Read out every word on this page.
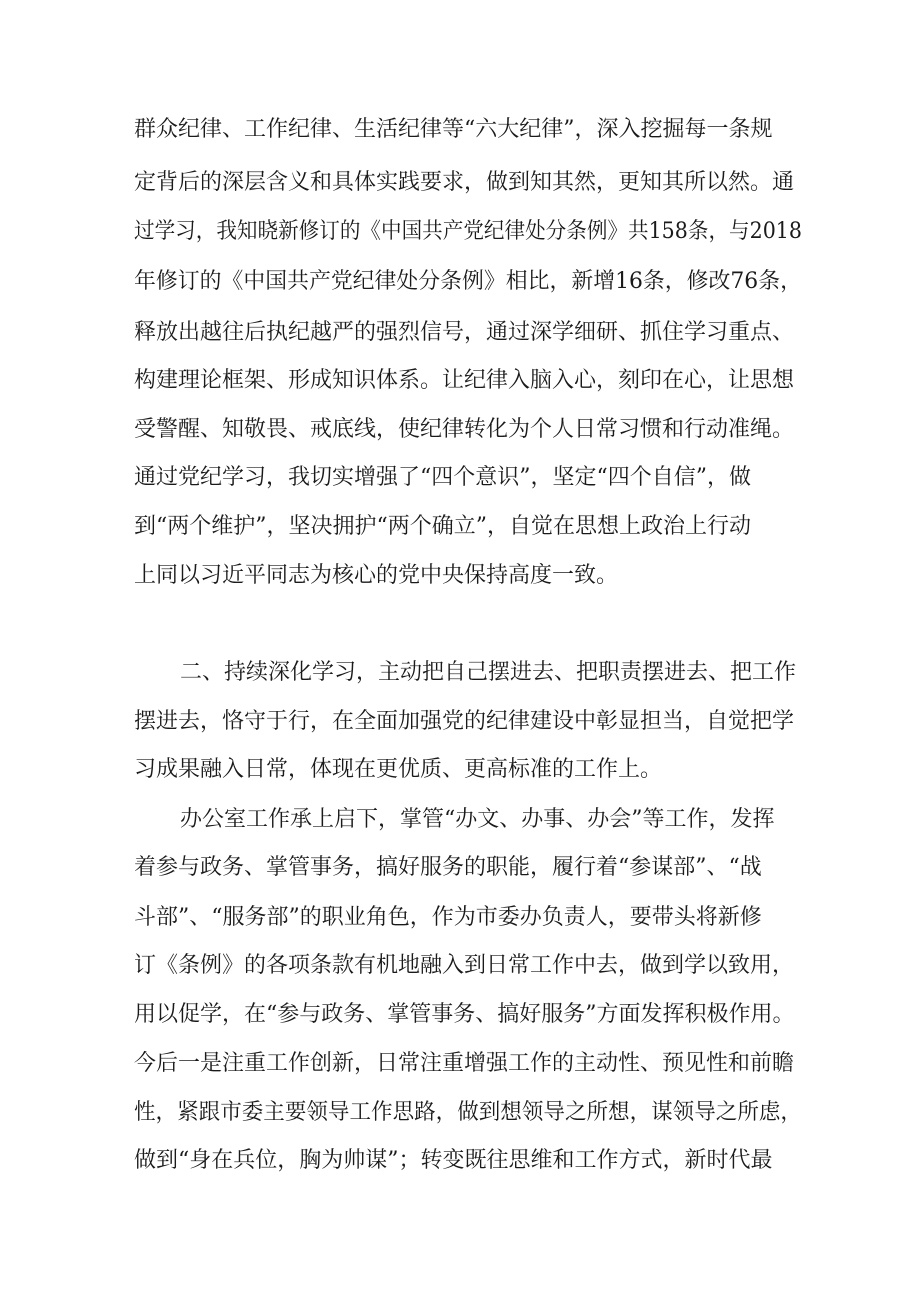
群众纪律、工作纪律、生活纪律等“六大纪律”，深入挖掘每一条规

定背后的深层含义和具体实践要求，做到知其然，更知其所以然。通

过学习，我知晓新修订的《中国共产党纪律处分条例》共158条，与2018

年修订的《中国共产党纪律处分条例》相比，新增16条，修改76条，

释放出越往后执纪越严的强烈信号，通过深学细研、抓住学习重点、

构建理论框架、形成知识体系。让纪律入脑入心，刻印在心，让思想

受警醒、知敬畏、戒底线，使纪律转化为个人日常习惯和行动准绳。

通过党纪学习，我切实增强了“四个意识”，坚定“四个自信”，做

到“两个维护”，坚决拥护“两个确立”，自觉在思想上政治上行动

上同以习近平同志为核心的党中央保持高度一致。

二、持续深化学习，主动把自己摆进去、把职责摆进去、把工作

摆进去，恪守于行，在全面加强党的纪律建设中彰显担当，自觉把学

习成果融入日常，体现在更优质、更高标准的工作上。

办公室工作承上启下，掌管“办文、办事、办会”等工作，发挥

着参与政务、掌管事务，搞好服务的职能，履行着“参谋部”、“战

斗部”、“服务部”的职业角色，作为市委办负责人，要带头将新修

订《条例》的各项条款有机地融入到日常工作中去，做到学以致用，

用以促学，在“参与政务、掌管事务、搞好服务”方面发挥积极作用。

今后一是注重工作创新，日常注重增强工作的主动性、预见性和前瞻

性，紧跟市委主要领导工作思路，做到想领导之所想，谋领导之所虑，

做到“身在兵位，胸为帅谋”；转变既往思维和工作方式，新时代最
